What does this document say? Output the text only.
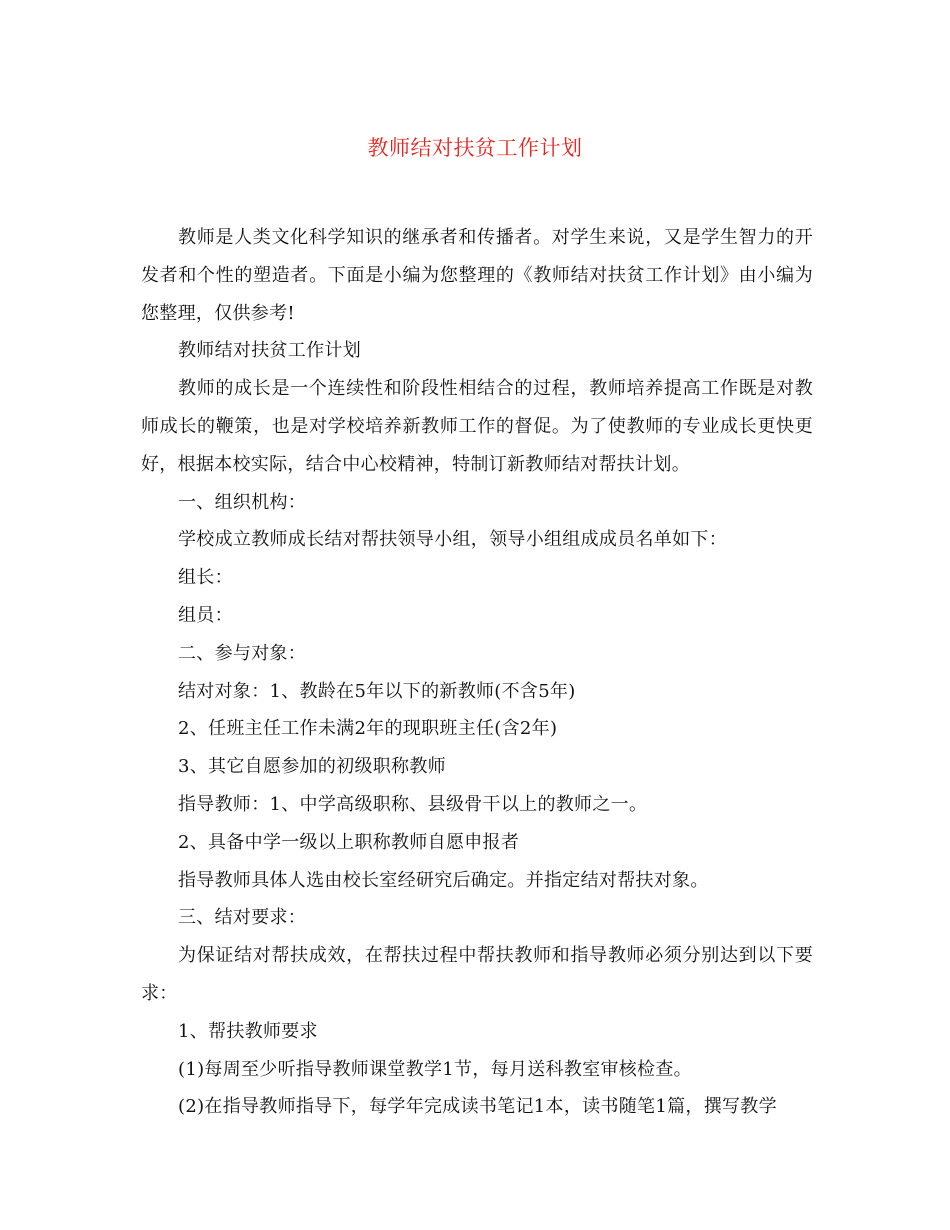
教师结对扶贫工作计划

教师是人类文化科学知识的继承者和传播者。对学生来说，又是学生智力的开发者和个性的塑造者。下面是小编为您整理的《教师结对扶贫工作计划》由小编为您整理，仅供参考!

教师结对扶贫工作计划

教师的成长是一个连续性和阶段性相结合的过程，教师培养提高工作既是对教师成长的鞭策，也是对学校培养新教师工作的督促。为了使教师的专业成长更快更好，根据本校实际，结合中心校精神，特制订新教师结对帮扶计划。

一、组织机构：

学校成立教师成长结对帮扶领导小组，领导小组组成成员名单如下：

组长：

组员：

二、参与对象：

结对对象：1、教龄在5年以下的新教师(不含5年)

2、任班主任工作未满2年的现职班主任(含2年)

3、其它自愿参加的初级职称教师

指导教师：1、中学高级职称、县级骨干以上的教师之一。

2、具备中学一级以上职称教师自愿申报者

指导教师具体人选由校长室经研究后确定。并指定结对帮扶对象。

三、结对要求：

为保证结对帮扶成效，在帮扶过程中帮扶教师和指导教师必须分别达到以下要求：

1、帮扶教师要求

(1)每周至少听指导教师课堂教学1节，每月送科教室审核检查。

(2)在指导教师指导下，每学年完成读书笔记1本，读书随笔1篇，撰写教学
